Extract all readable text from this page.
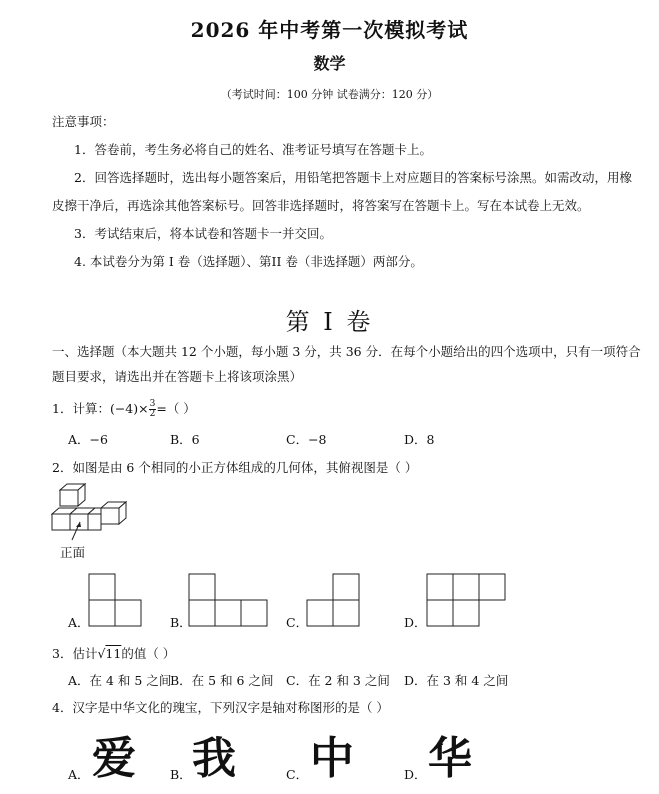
2026 年中考第一次模拟考试
数学
（考试时间：100 分钟 试卷满分：120 分）
注意事项：
1．答卷前，考生务必将自己的姓名、准考证号填写在答题卡上。
2．回答选择题时，选出每小题答案后，用铅笔把答题卡上对应题目的答案标号涂黑。如需改动，用橡
皮擦干净后，再选涂其他答案标号。回答非选择题时，将答案写在答题卡上。写在本试卷上无效。
3．考试结束后，将本试卷和答题卡一并交回。
4. 本试卷分为第 I 卷（选择题）、第II 卷（非选择题）两部分。
第 I 卷
一、选择题（本大题共 12 个小题，每小题 3 分，共 36 分．在每个小题给出的四个选项中，只有一项符合
题目要求，请选出并在答题卡上将该项涂黑）
1．计算：$(-4)\times \frac{3}{2}$ =（ ）
A．−6	B．6	C．−8	D．8
2．如图是由 6 个相同的小正方体组成的几何体，其俯视图是（ ）
正面
A．	B．	C．	D．
3．估计√11的值（ ）
A．在 4 和 5 之间
B．在 5 和 6 之间 C．在 2 和 3 之间 D．在 3 和 4 之间
4．汉字是中华文化的瑰宝，下列汉字是轴对称图形的是（ ）
A．	B．	C．	D．
爱 我 中 华
